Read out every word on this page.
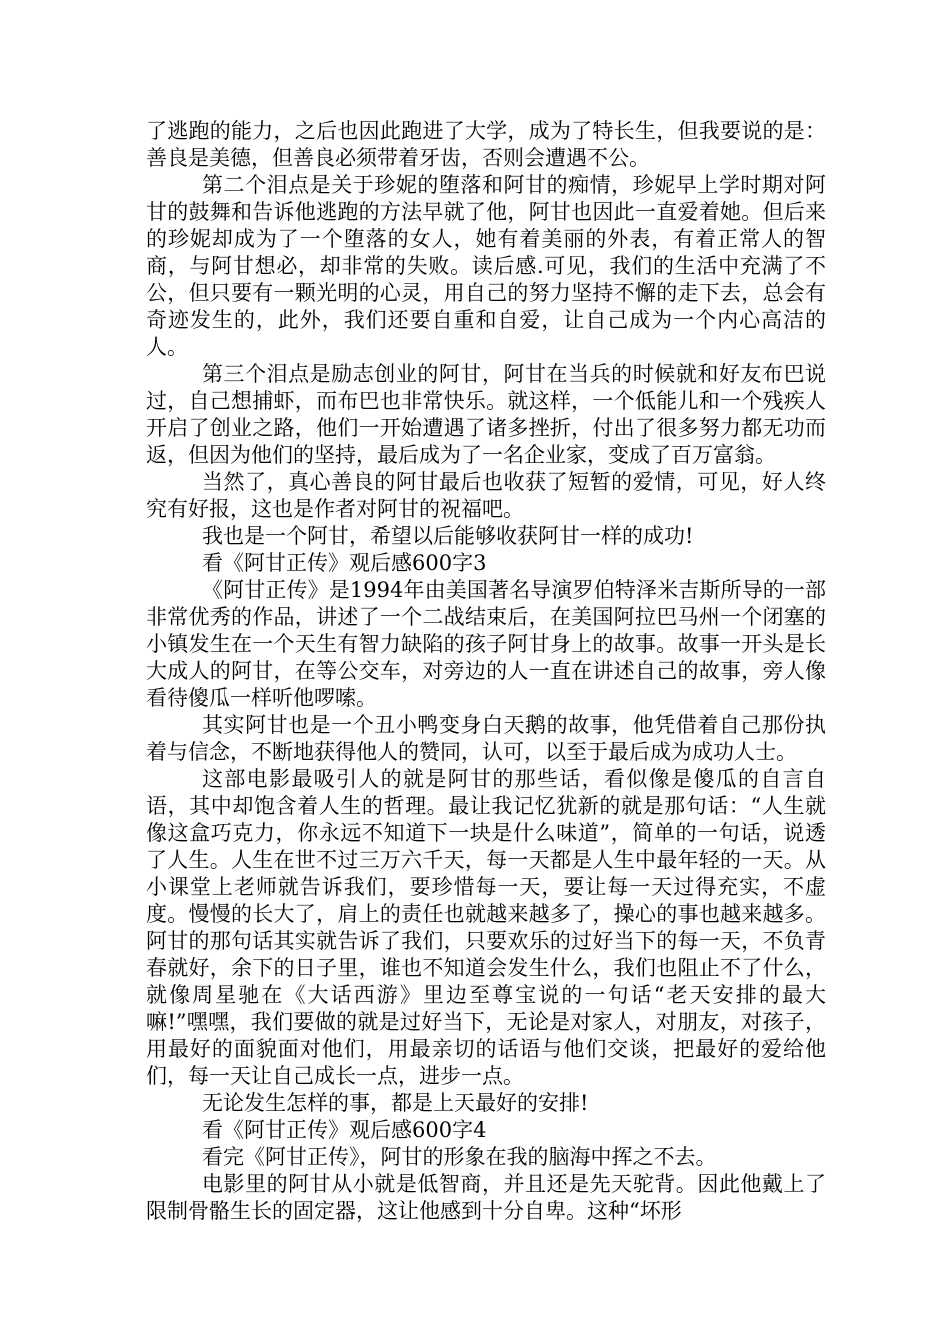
了逃跑的能力，之后也因此跑进了大学，成为了特长生，但我要说的是：善良是美德，但善良必须带着牙齿，否则会遭遇不公。

第二个泪点是关于珍妮的堕落和阿甘的痴情，珍妮早上学时期对阿甘的鼓舞和告诉他逃跑的方法早就了他，阿甘也因此一直爱着她。但后来的珍妮却成为了一个堕落的女人，她有着美丽的外表，有着正常人的智商，与阿甘想必，却非常的失败。读后感.可见，我们的生活中充满了不公，但只要有一颗光明的心灵，用自己的努力坚持不懈的走下去，总会有奇迹发生的，此外，我们还要自重和自爱，让自己成为一个内心高洁的人。

第三个泪点是励志创业的阿甘，阿甘在当兵的时候就和好友布巴说过，自己想捕虾，而布巴也非常快乐。就这样，一个低能儿和一个残疾人开启了创业之路，他们一开始遭遇了诸多挫折，付出了很多努力都无功而返，但因为他们的坚持，最后成为了一名企业家，变成了百万富翁。

当然了，真心善良的阿甘最后也收获了短暂的爱情，可见，好人终究有好报，这也是作者对阿甘的祝福吧。

我也是一个阿甘，希望以后能够收获阿甘一样的成功!

看《阿甘正传》观后感600字3

《阿甘正传》是1994年由美国著名导演罗伯特泽米吉斯所导的一部非常优秀的作品，讲述了一个二战结束后，在美国阿拉巴马州一个闭塞的小镇发生在一个天生有智力缺陷的孩子阿甘身上的故事。故事一开头是长大成人的阿甘，在等公交车，对旁边的人一直在讲述自己的故事，旁人像看待傻瓜一样听他啰嗦。

其实阿甘也是一个丑小鸭变身白天鹅的故事，他凭借着自己那份执着与信念，不断地获得他人的赞同，认可，以至于最后成为成功人士。

这部电影最吸引人的就是阿甘的那些话，看似像是傻瓜的自言自语，其中却饱含着人生的哲理。最让我记忆犹新的就是那句话：“人生就像这盒巧克力，你永远不知道下一块是什么味道”，简单的一句话，说透了人生。人生在世不过三万六千天，每一天都是人生中最年轻的一天。从小课堂上老师就告诉我们，要珍惜每一天，要让每一天过得充实，不虚度。慢慢的长大了，肩上的责任也就越来越多了，操心的事也越来越多。阿甘的那句话其实就告诉了我们，只要欢乐的过好当下的每一天，不负青春就好，余下的日子里，谁也不知道会发生什么，我们也阻止不了什么，就像周星驰在《大话西游》里边至尊宝说的一句话“老天安排的最大嘛!”嘿嘿，我们要做的就是过好当下，无论是对家人，对朋友，对孩子，用最好的面貌面对他们，用最亲切的话语与他们交谈，把最好的爱给他们，每一天让自己成长一点，进步一点。

无论发生怎样的事，都是上天最好的安排!

看《阿甘正传》观后感600字4

看完《阿甘正传》，阿甘的形象在我的脑海中挥之不去。

电影里的阿甘从小就是低智商，并且还是先天驼背。因此他戴上了限制骨骼生长的固定器，这让他感到十分自卑。这种“坏形
